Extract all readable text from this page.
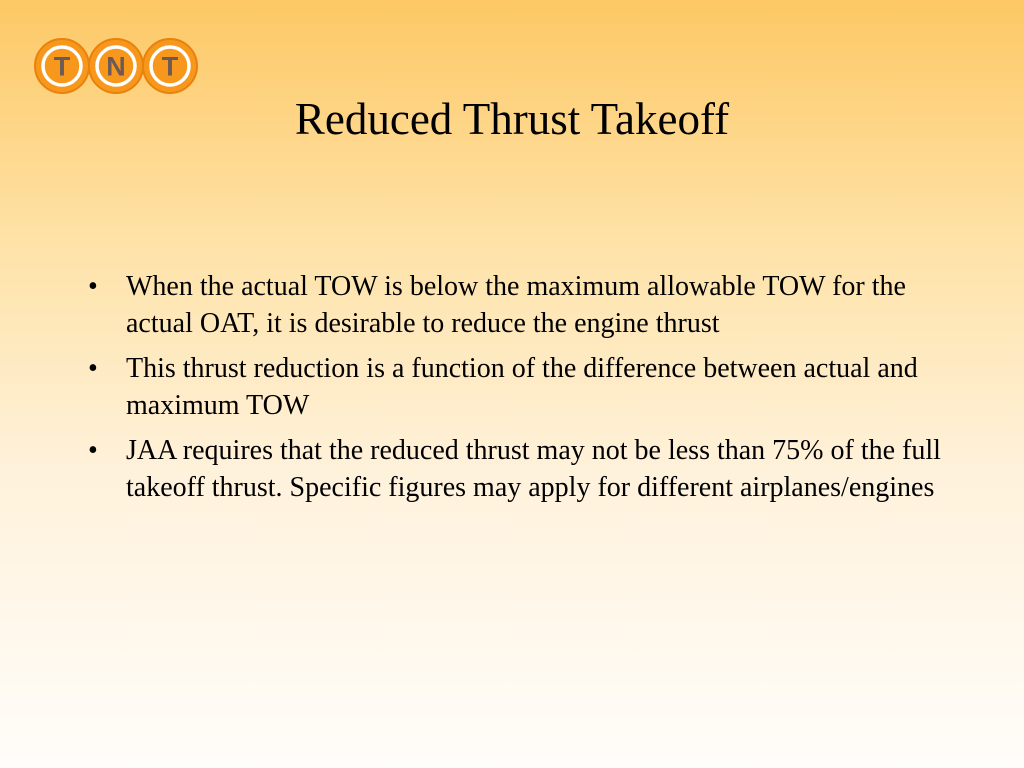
T N T
Reduced Thrust Takeoff
• When the actual TOW is below the maximum allowable TOW for the actual OAT, it is desirable to reduce the engine thrust
• This thrust reduction is a function of the difference between actual and maximum TOW
• JAA requires that the reduced thrust may not be less than 75% of the full takeoff thrust. Specific figures may apply for different airplanes/engines
